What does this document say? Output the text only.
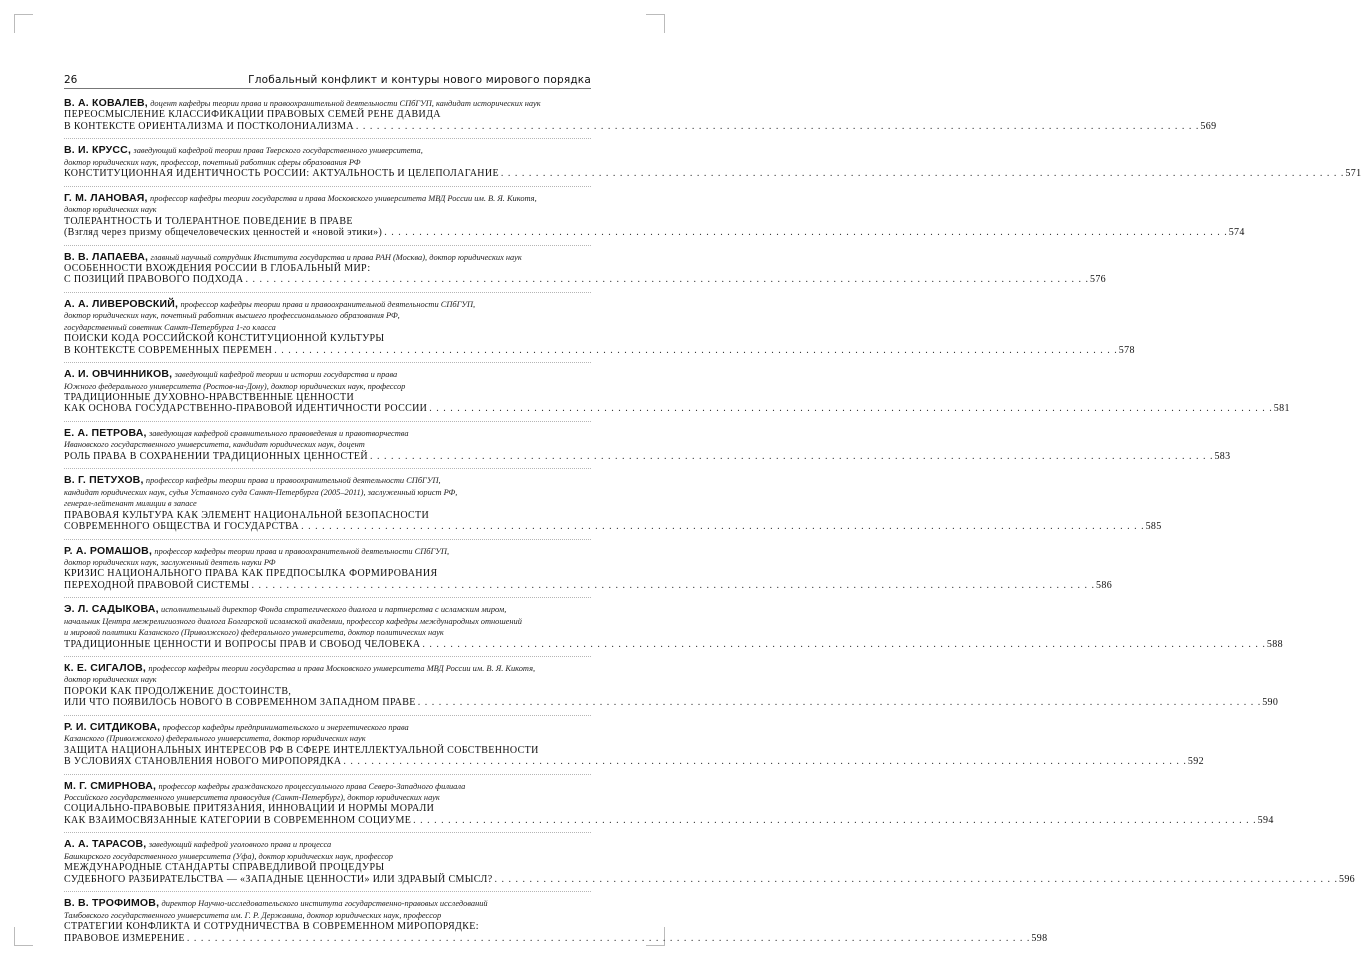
26	Глобальный конфликт и контуры нового мирового порядка
В. А. КОВАЛЕВ, доцент кафедры теории права и правоохранительной деятельности СПбГУП, кандидат исторических наук
ПЕРЕОСМЫСЛЕНИЕ КЛАССИФИКАЦИИ ПРАВОВЫХ СЕМЕЙ РЕНЕ ДАВИДА
В КОНТЕКСТЕ ОРИЕНТАЛИЗМА И ПОСТКОЛОНИАЛИЗМА . . .	569
В. И. КРУСС, заведующий кафедрой теории права Тверского государственного университета,
доктор юридических наук, профессор, почетный работник сферы образования РФ
КОНСТИТУЦИОННАЯ ИДЕНТИЧНОСТЬ РОССИИ: АКТУАЛЬНОСТЬ И ЦЕЛЕПОЛАГАНИЕ . . .	571
Г. М. ЛАНОВАЯ, профессор кафедры теории государства и права Московского университета МВД России им. В. Я. Кикотя,
доктор юридических наук
ТОЛЕРАНТНОСТЬ И ТОЛЕРАНТНОЕ ПОВЕДЕНИЕ В ПРАВЕ
(Взгляд через призму общечеловеческих ценностей и «новой этики») . . .	574
В. В. ЛАПАЕВА, главный научный сотрудник Института государства и права РАН (Москва), доктор юридических наук
ОСОБЕННОСТИ ВХОЖДЕНИЯ РОССИИ В ГЛОБАЛЬНЫЙ МИР:
С ПОЗИЦИЙ ПРАВОВОГО ПОДХОДА . . .	576
А. А. ЛИВЕРОВСКИЙ, профессор кафедры теории права и правоохранительной деятельности СПбГУП,
доктор юридических наук, почетный работник высшего профессионального образования РФ,
государственный советник Санкт-Петербурга 1-го класса
ПОИСКИ КОДА РОССИЙСКОЙ КОНСТИТУЦИОННОЙ КУЛЬТУРЫ
В КОНТЕКСТЕ СОВРЕМЕННЫХ ПЕРЕМЕН . . .	578
А. И. ОВЧИННИКОВ, заведующий кафедрой теории и истории государства и права
Южного федерального университета (Ростов-на-Дону), доктор юридических наук, профессор
ТРАДИЦИОННЫЕ ДУХОВНО-НРАВСТВЕННЫЕ ЦЕННОСТИ
КАК ОСНОВА ГОСУДАРСТВЕННО-ПРАВОВОЙ ИДЕНТИЧНОСТИ РОССИИ . . .	581
Е. А. ПЕТРОВА, заведующая кафедрой сравнительного правоведения и правотворчества
Ивановского государственного университета, кандидат юридических наук, доцент
РОЛЬ ПРАВА В СОХРАНЕНИИ ТРАДИЦИОННЫХ ЦЕННОСТЕЙ . . .	583
В. Г. ПЕТУХОВ, профессор кафедры теории права и правоохранительной деятельности СПбГУП,
кандидат юридических наук, судья Уставного суда Санкт-Петербурга (2005–2011), заслуженный юрист РФ,
генерал-лейтенант милиции в запасе
ПРАВОВАЯ КУЛЬТУРА КАК ЭЛЕМЕНТ НАЦИОНАЛЬНОЙ БЕЗОПАСНОСТИ
СОВРЕМЕННОГО ОБЩЕСТВА И ГОСУДАРСТВА . . .	585
Р. А. РОМАШОВ, профессор кафедры теории права и правоохранительной деятельности СПбГУП,
доктор юридических наук, заслуженный деятель науки РФ
КРИЗИС НАЦИОНАЛЬНОГО ПРАВА КАК ПРЕДПОСЫЛКА ФОРМИРОВАНИЯ
ПЕРЕХОДНОЙ ПРАВОВОЙ СИСТЕМЫ . . .	586
Э. Л. САДЫКОВА, исполнительный директор Фонда стратегического диалога и партнерства с исламским миром,
начальник Центра межрелигиозного диалога Болгарской исламской академии, профессор кафедры международных отношений
и мировой политики Казанского (Приволжского) федерального университета, доктор политических наук
ТРАДИЦИОННЫЕ ЦЕННОСТИ И ВОПРОСЫ ПРАВ И СВОБОД ЧЕЛОВЕКА . . .	588
К. Е. СИГАЛОВ, профессор кафедры теории государства и права Московского университета МВД России им. В. Я. Кикотя,
доктор юридических наук
ПОРОКИ КАК ПРОДОЛЖЕНИЕ ДОСТОИНСТВ,
ИЛИ ЧТО ПОЯВИЛОСЬ НОВОГО В СОВРЕМЕННОМ ЗАПАДНОМ ПРАВЕ . . .	590
Р. И. СИТДИКОВА, профессор кафедры предпринимательского и энергетического права
Казанского (Приволжского) федерального университета, доктор юридических наук
ЗАЩИТА НАЦИОНАЛЬНЫХ ИНТЕРЕСОВ РФ В СФЕРЕ ИНТЕЛЛЕКТУАЛЬНОЙ СОБСТВЕННОСТИ
В УСЛОВИЯХ СТАНОВЛЕНИЯ НОВОГО МИРОПОРЯДКА . . .	592
М. Г. СМИРНОВА, профессор кафедры гражданского процессуального права Северо-Западного филиала
Российского государственного университета правосудия (Санкт-Петербург), доктор юридических наук
СОЦИАЛЬНО-ПРАВОВЫЕ ПРИТЯЗАНИЯ, ИННОВАЦИИ И НОРМЫ МОРАЛИ
КАК ВЗАИМОСВЯЗАННЫЕ КАТЕГОРИИ В СОВРЕМЕННОМ СОЦИУМЕ . . .	594
А. А. ТАРАСОВ, заведующий кафедрой уголовного права и процесса
Башкирского государственного университета (Уфа), доктор юридических наук, профессор
МЕЖДУНАРОДНЫЕ СТАНДАРТЫ СПРАВЕДЛИВОЙ ПРОЦЕДУРЫ
СУДЕБНОГО РАЗБИРАТЕЛЬСТВА — «ЗАПАДНЫЕ ЦЕННОСТИ» ИЛИ ЗДРАВЫЙ СМЫСЛ? . . .	596
В. В. ТРОФИМОВ, директор Научно-исследовательского института государственно-правовых исследований
Тамбовского государственного университета им. Г. Р. Державина, доктор юридических наук, профессор
СТРАТЕГИИ КОНФЛИКТА И СОТРУДНИЧЕСТВА В СОВРЕМЕННОМ МИРОПОРЯДКЕ:
ПРАВОВОЕ ИЗМЕРЕНИЕ . . .	598
